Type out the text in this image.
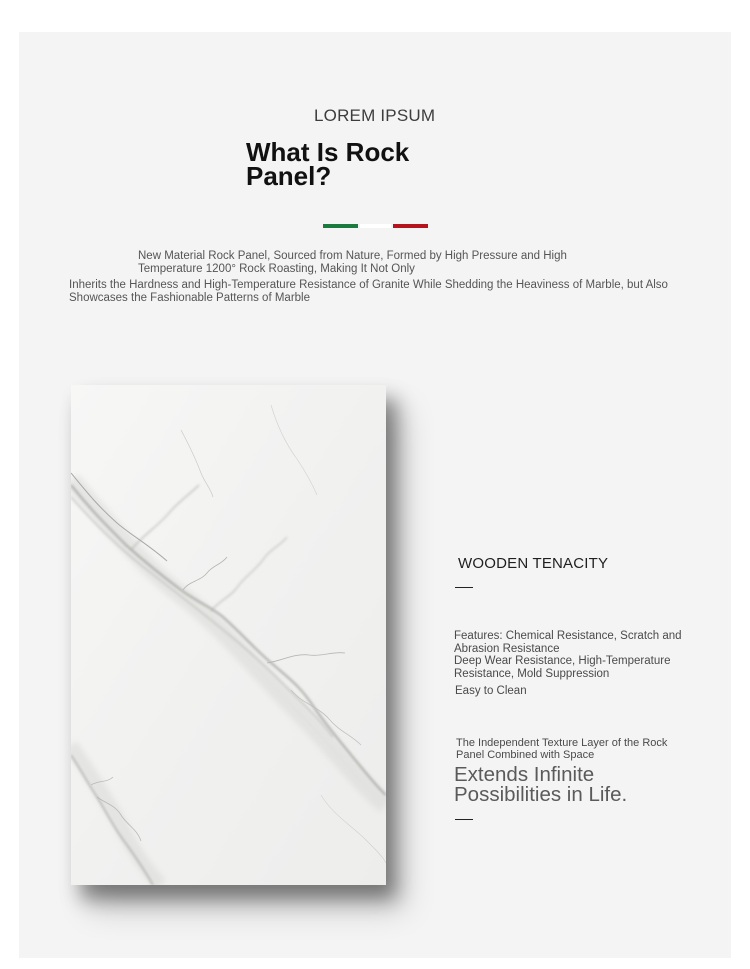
LOREM IPSUM
What Is Rock Panel?
New Material Rock Panel, Sourced from Nature, Formed by High Pressure and High Temperature 1200° Rock Roasting, Making It Not Only
Inherits the Hardness and High-Temperature Resistance of Granite While Shedding the Heaviness of Marble, but Also Showcases the Fashionable Patterns of Marble
WOODEN TENACITY
Features: Chemical Resistance, Scratch and Abrasion Resistance
Deep Wear Resistance, High-Temperature Resistance, Mold Suppression
Easy to Clean
The Independent Texture Layer of the Rock Panel Combined with Space
Extends Infinite Possibilities in Life.
